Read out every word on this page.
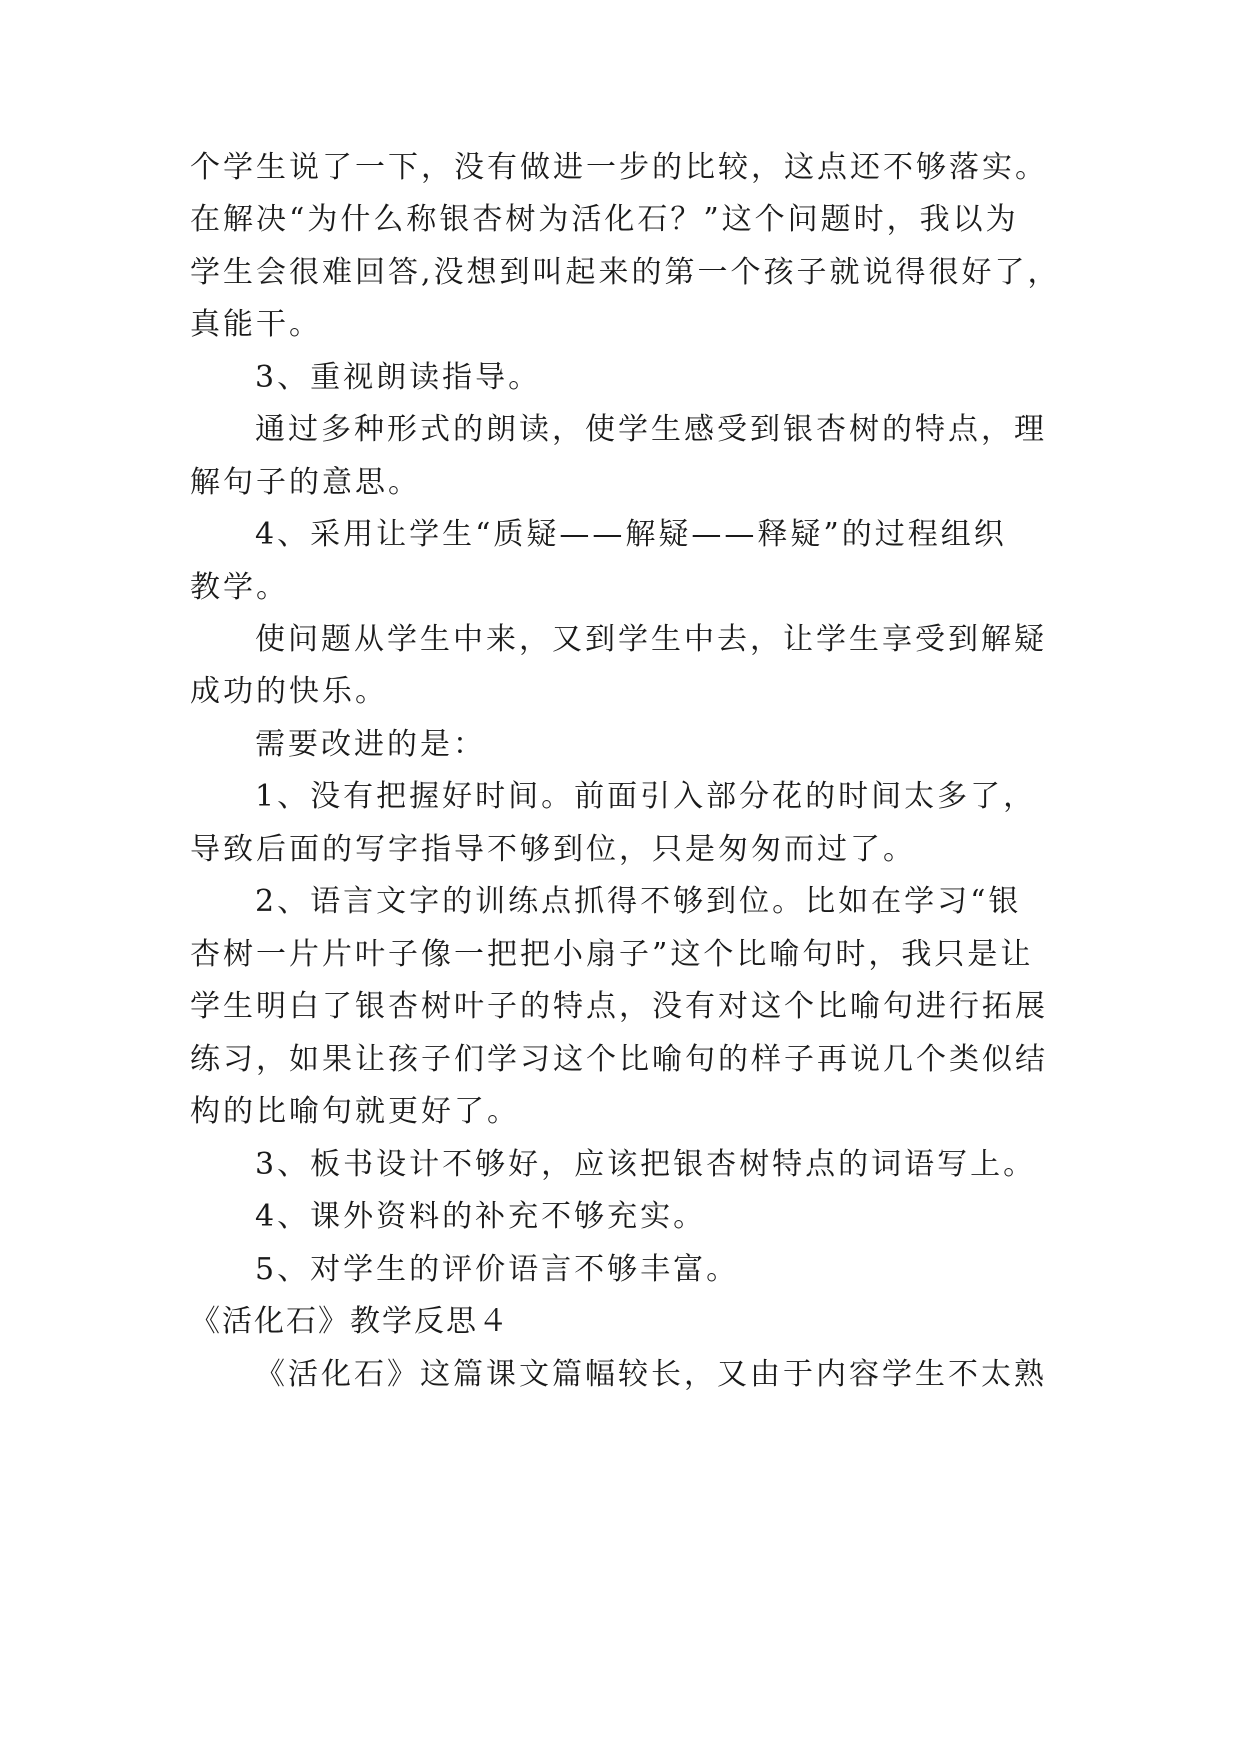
个学生说了一下，没有做进一步的比较，这点还不够落实。
在解决“为什么称银杏树为活化石？”这个问题时，我以为
学生会很难回答,没想到叫起来的第一个孩子就说得很好了，
真能干。
3、重视朗读指导。
通过多种形式的朗读，使学生感受到银杏树的特点，理
解句子的意思。
4、采用让学生“质疑——解疑——释疑”的过程组织
教学。
使问题从学生中来，又到学生中去，让学生享受到解疑
成功的快乐。
需要改进的是：
1、没有把握好时间。前面引入部分花的时间太多了，
导致后面的写字指导不够到位，只是匆匆而过了。
2、语言文字的训练点抓得不够到位。比如在学习“银
杏树一片片叶子像一把把小扇子”这个比喻句时，我只是让
学生明白了银杏树叶子的特点，没有对这个比喻句进行拓展
练习，如果让孩子们学习这个比喻句的样子再说几个类似结
构的比喻句就更好了。
3、板书设计不够好，应该把银杏树特点的词语写上。
4、课外资料的补充不够充实。
5、对学生的评价语言不够丰富。
《活化石》教学反思４
《活化石》这篇课文篇幅较长，又由于内容学生不太熟
